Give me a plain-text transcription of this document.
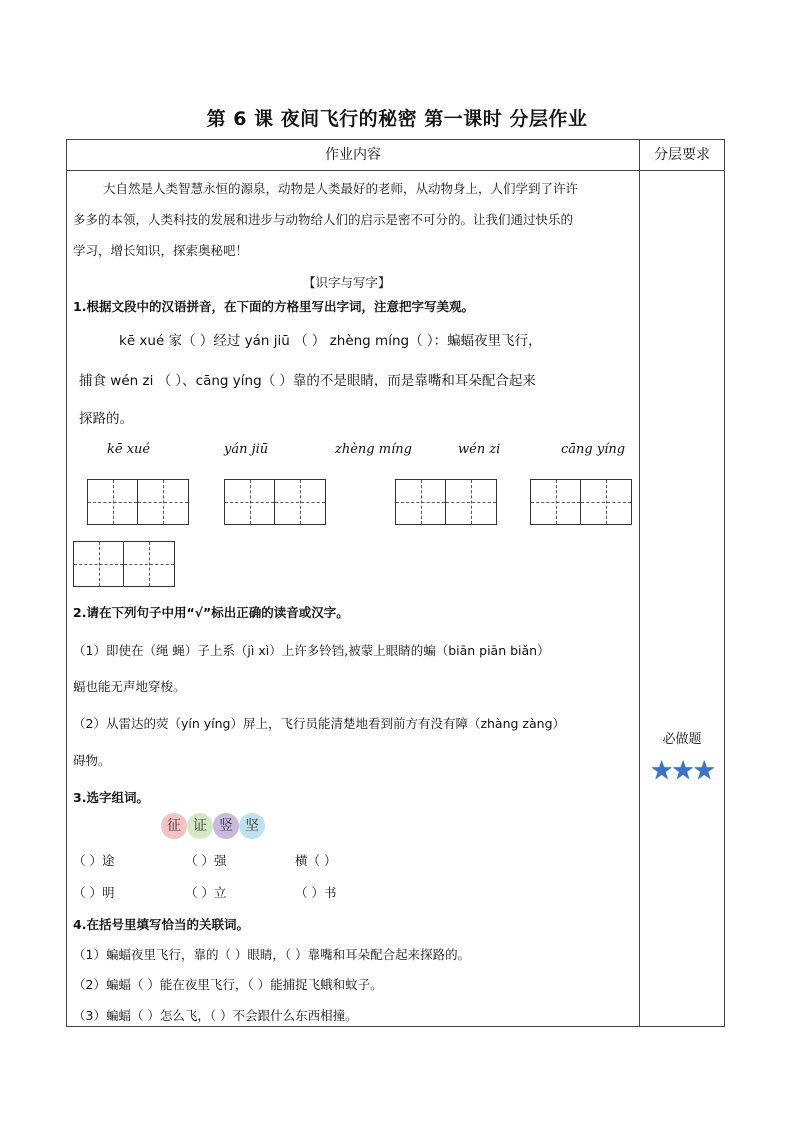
第 6 课 夜间飞行的秘密 第一课时 分层作业
作业内容	分层要求
大自然是人类智慧永恒的源泉，动物是人类最好的老师，从动物身上，人们学到了许许
多多的本领，人类科技的发展和进步与动物给人们的启示是密不可分的。让我们通过快乐的
学习，增长知识，探索奥秘吧！
【识字与写字】
1.根据文段中的汉语拼音，在下面的方格里写出字词，注意把字写美观。
kē xué 家（ ）经过 yán jiū （ ） zhèng míng（ ）：蝙蝠夜里飞行，
捕食 wén zi （ ）、cāng yíng（ ）靠的不是眼睛，而是靠嘴和耳朵配合起来
探路的。
kē xué	yán jiū	zhèng míng	wén zi	cāng yíng
2.请在下列句子中用“√”标出正确的读音或汉字。
（1）即使在（绳 蝇）子上系（jì xì）上许多铃铛,被蒙上眼睛的蝙（biān piān biǎn）
蝠也能无声地穿梭。
（2）从雷达的荧（yín yíng）屏上，飞行员能清楚地看到前方有没有障（zhàng zàng）
碍物。
3.选字组词。
征 证 竖 坚
（ ）途	（ ）强	横（ ）
（ ）明	（ ）立	（ ）书
4.在括号里填写恰当的关联词。
（1）蝙蝠夜里飞行，靠的（ ）眼睛，（ ）靠嘴和耳朵配合起来探路的。
（2）蝙蝠（ ）能在夜里飞行，（ ）能捕捉飞蛾和蚊子。
（3）蝙蝠（ ）怎么飞，（ ）不会跟什么东西相撞。
必做题
★★★
